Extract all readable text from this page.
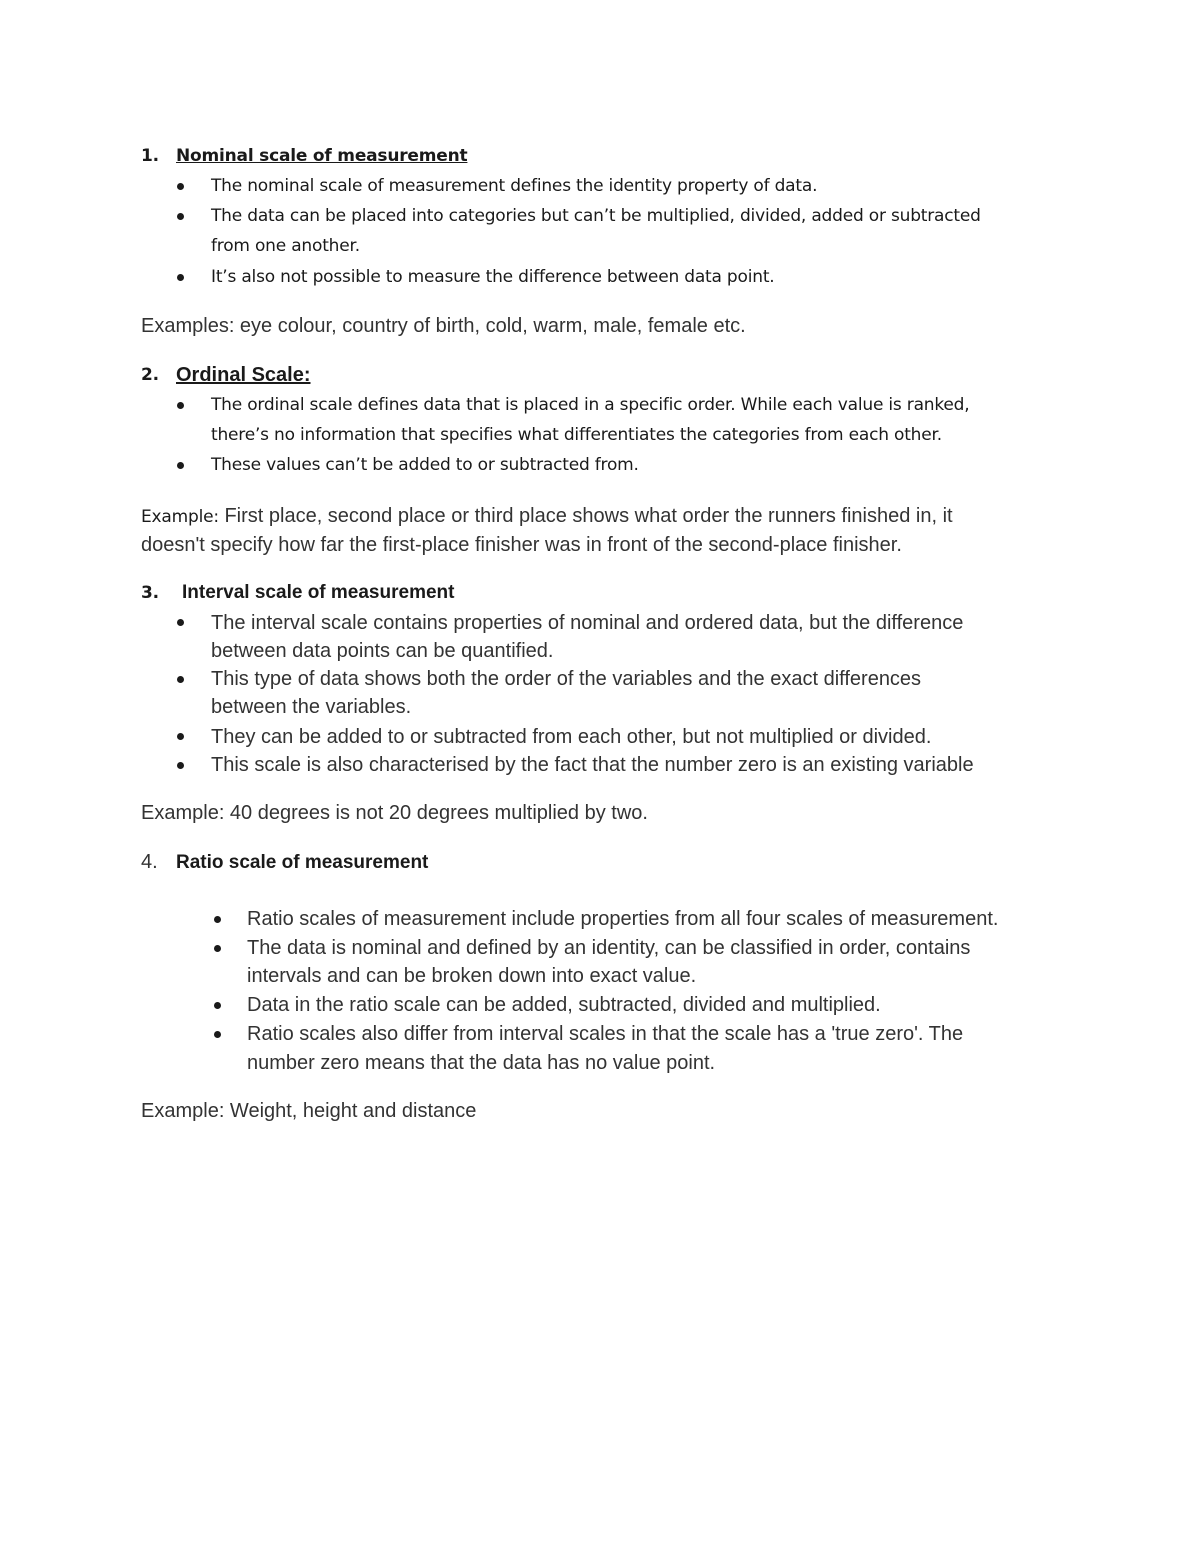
1. Nominal scale of measurement
The nominal scale of measurement defines the identity property of data.
The data can be placed into categories but can’t be multiplied, divided, added or subtracted
from one another.
It’s also not possible to measure the difference between data point.
Examples: eye colour, country of birth, cold, warm, male, female etc.
2. Ordinal Scale:
The ordinal scale defines data that is placed in a specific order. While each value is ranked,
there’s no information that specifies what differentiates the categories from each other.
These values can’t be added to or subtracted from.
Example: First place, second place or third place shows what order the runners finished in, it
doesn't specify how far the first-place finisher was in front of the second-place finisher.
3. Interval scale of measurement
The interval scale contains properties of nominal and ordered data, but the difference
between data points can be quantified.
This type of data shows both the order of the variables and the exact differences
between the variables.
They can be added to or subtracted from each other, but not multiplied or divided.
This scale is also characterised by the fact that the number zero is an existing variable
Example: 40 degrees is not 20 degrees multiplied by two.
4. Ratio scale of measurement
Ratio scales of measurement include properties from all four scales of measurement.
The data is nominal and defined by an identity, can be classified in order, contains
intervals and can be broken down into exact value.
Data in the ratio scale can be added, subtracted, divided and multiplied.
Ratio scales also differ from interval scales in that the scale has a 'true zero'. The
number zero means that the data has no value point.
Example: Weight, height and distance
